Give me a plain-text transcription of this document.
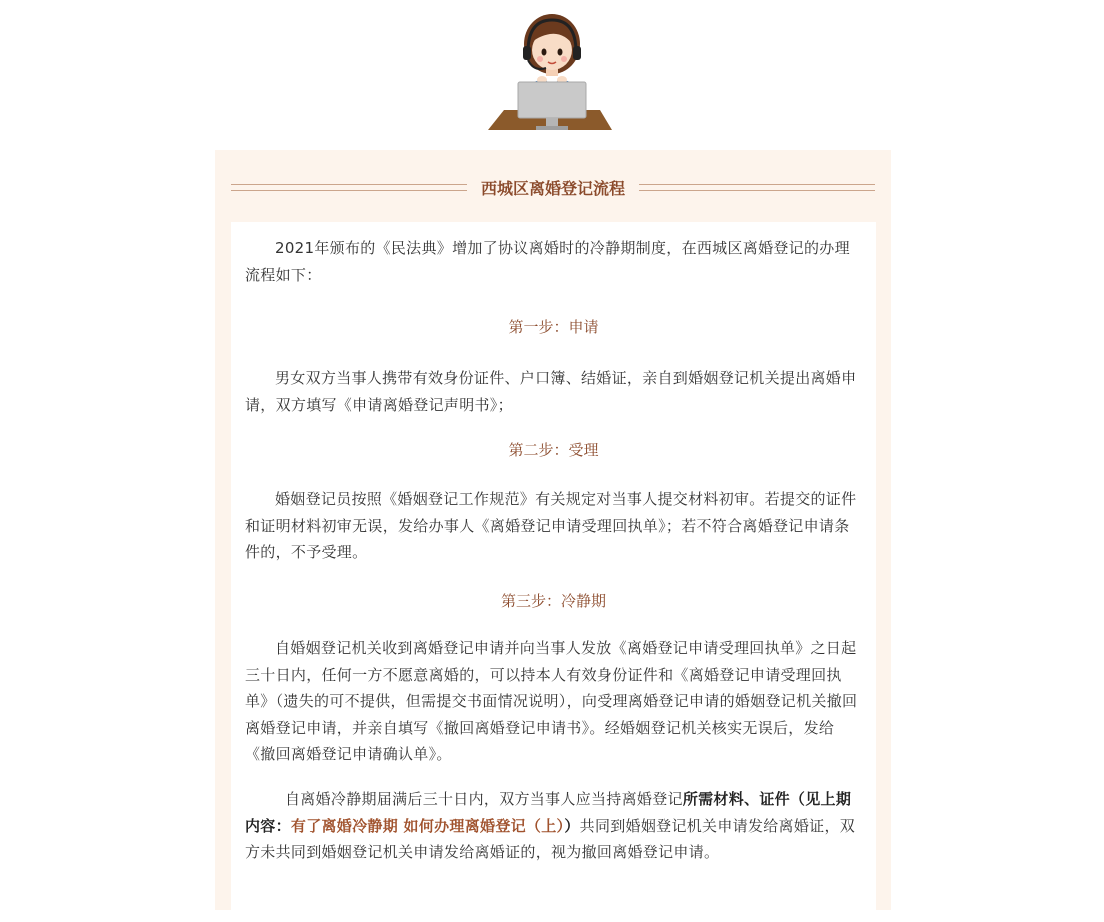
西城区离婚登记流程

2021年颁布的《民法典》增加了协议离婚时的冷静期制度，在西城区离婚登记的办理流程如下：

第一步：申请

男女双方当事人携带有效身份证件、户口簿、结婚证，亲自到婚姻登记机关提出离婚申请，双方填写《申请离婚登记声明书》；

第二步：受理

婚姻登记员按照《婚姻登记工作规范》有关规定对当事人提交材料初审。若提交的证件和证明材料初审无误，发给办事人《离婚登记申请受理回执单》；若不符合离婚登记申请条件的，不予受理。

第三步：冷静期

自婚姻登记机关收到离婚登记申请并向当事人发放《离婚登记申请受理回执单》之日起三十日内，任何一方不愿意离婚的，可以持本人有效身份证件和《离婚登记申请受理回执单》（遗失的可不提供，但需提交书面情况说明），向受理离婚登记申请的婚姻登记机关撤回离婚登记申请，并亲自填写《撤回离婚登记申请书》。经婚姻登记机关核实无误后，发给《撤回离婚登记申请确认单》。

自离婚冷静期届满后三十日内，双方当事人应当持离婚登记所需材料、证件（见上期内容：有了离婚冷静期 如何办理离婚登记（上））共同到婚姻登记机关申请发给离婚证，双方未共同到婚姻登记机关申请发给离婚证的，视为撤回离婚登记申请。
